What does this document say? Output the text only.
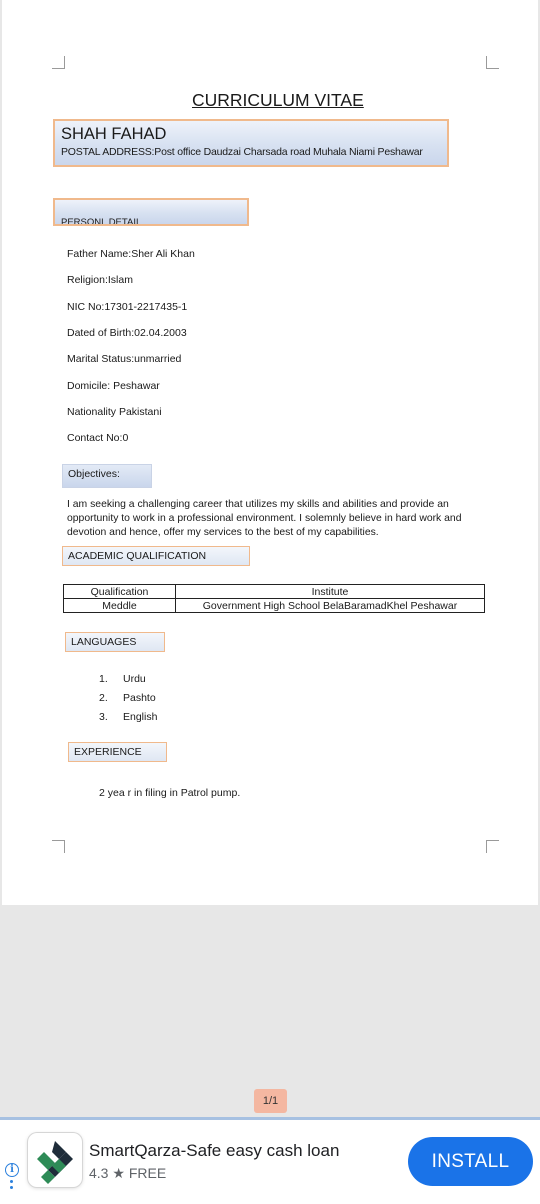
CURRICULUM VITAE
SHAH FAHAD
POSTAL ADDRESS:Post office Daudzai Charsada road Muhala Niami Peshawar
PERSONL DETAIL
Father Name:Sher Ali Khan
Religion:Islam
NIC No:17301-2217435-1
Dated of Birth:02.04.2003
Marital Status:unmarried
Domicile: Peshawar
Nationality Pakistani
Contact No:0
Objectives:
I am seeking a challenging career that utilizes my skills and abilities and provide an opportunity to work in a professional environment. I solemnly believe in hard work and devotion and hence, offer my services to the best of my capabilities.
ACADEMIC QUALIFICATION
Qualification	Institute
Meddle	Government High School BelaBaramadKhel Peshawar
LANGUAGES
1. Urdu
2. Pashto
3. English
EXPERIENCE
2 yea r in filing in Patrol pump.
1/1
i
SmartQarza-Safe easy cash loan
4.3 ★ FREE
INSTALL
